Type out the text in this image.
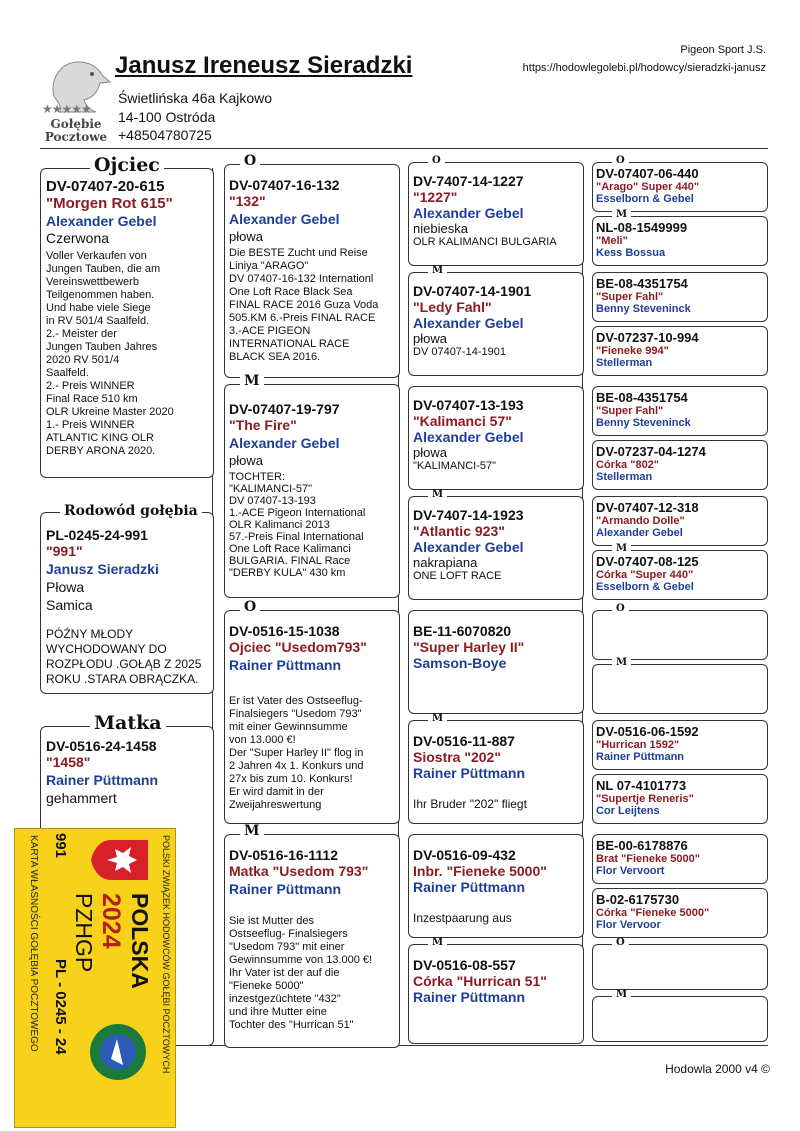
★★★★★
Gołębie
Pocztowe
Janusz Ireneusz Sieradzki
Świetlińska 46a Kajkowo
14-100 Ostróda
+48504780725
Pigeon Sport J.S.
https://hodowlegolebi.pl/hodowcy/sieradzki-janusz
DV-07407-20-615
"Morgen Rot 615"
Alexander Gebel
Czerwona
Voller Verkaufen von
Jungen Tauben, die am
Vereinswettbewerb
Teilgenommen haben.
Und habe viele Siege
in RV 501/4 Saalfeld.
2.- Meister der
Jungen Tauben Jahres
2020 RV 501/4
Saalfeld.
2.- Preis WINNER
Final Race 510 km
OLR Ukreine Master 2020
1.- Preis WINNER
ATLANTIC KING OLR
DERBY ARONA 2020.
Ojciec
PL-0245-24-991
"991"
Janusz Sieradzki
Płowa
Samica
PÓŹNY MŁODY
WYCHODOWANY DO
ROZPŁODU .GOŁĄB Z 2025
ROKU .STARA OBRĄCZKA.
Rodowód gołębia
DV-0516-24-1458
"1458"
Rainer Püttmann
gehammert
Matka
DV-07407-16-132
"132"
Alexander Gebel
płowa
Die BESTE Zucht und Reise
Liniya "ARAGO"
DV 07407-16-132 Internationl
One Loft Race Black Sea
FINAL RACE 2016 Guza Voda
505.KM 6.-Preis FINAL RACE
3.-ACE PIGEON
INTERNATIONAL RACE
BLACK SEA 2016.
O
DV-07407-19-797
"The Fire"
Alexander Gebel
płowa
TOCHTER:
"KALIMANCI-57"
DV 07407-13-193
1.-ACE Pigeon International
OLR Kalimanci 2013
57.-Preis Final International
One Loft Race Kalimanci
BULGARIA. FINAL Race
"DERBY KULA" 430 km
M
DV-0516-15-1038
Ojciec "Usedom793"
Rainer Püttmann
Er ist Vater des Ostseeflug-
Finalsiegers "Usedom 793"
mit einer Gewinnsumme
von 13.000 €!
Der "Super Harley II" flog in
2 Jahren 4x 1. Konkurs und
27x bis zum 10. Konkurs!
Er wird damit in der
Zweijahreswertung
O
DV-0516-16-1112
Matka "Usedom 793"
Rainer Püttmann
Sie ist Mutter des
Ostseeflug- Finalsiegers
"Usedom 793" mit einer
Gewinnsumme von 13.000 €!
Ihr Vater ist der auf die
"Fieneke 5000"
inzestgezüchtete "432"
und ihre Mutter eine
Tochter des "Hurrican 51"
M
DV-7407-14-1227
"1227"
Alexander Gebel
niebieska
OLR KALIMANCI BULGARIA
O
DV-07407-14-1901
"Ledy Fahl"
Alexander Gebel
płowa
DV 07407-14-1901
M
DV-07407-13-193
"Kalimanci 57"
Alexander Gebel
płowa
"KALIMANCI-57"
DV-7407-14-1923
"Atlantic 923"
Alexander Gebel
nakrapiana
ONE LOFT RACE
M
BE-11-6070820
"Super Harley II"
Samson-Boye
DV-0516-11-887
Siostra "202"
Rainer Püttmann
Ihr Bruder "202" fliegt
M
DV-0516-09-432
Inbr. "Fieneke 5000"
Rainer Püttmann
Inzestpaarung aus
DV-0516-08-557
Córka "Hurrican 51"
Rainer Püttmann
M
DV-07407-06-440
"Arago" Super 440"
Esselborn & Gebel
O
NL-08-1549999
"Meli"
Kess Bossua
M
BE-08-4351754
"Super Fahl"
Benny Steveninck
DV-07237-10-994
"Fieneke 994"
Stellerman
BE-08-4351754
"Super Fahl"
Benny Steveninck
DV-07237-04-1274
Córka "802"
Stellerman
DV-07407-12-318
"Armando Dolle"
Alexander Gebel
DV-07407-08-125
Córka "Super 440"
Esselborn & Gebel
M
O
M
DV-0516-06-1592
"Hurrican 1592"
Rainer Püttmann
NL 07-4101773
"Supertje Reneris"
Cor Leijtens
BE-00-6178876
Brat "Fieneke 5000"
Flor Vervoort
B-02-6175730
Córka "Fieneke 5000"
Flor Vervoor
O
M
Hodowla 2000 v4 ©
POLSKI ZWIĄZEK HODOWCÓW GOŁĘBI POCZTOWYCH
POLSKA
2024
PZHGP
991
PL - 0245 - 24
KARTA WŁASNOŚCI GOŁĘBIA POCZTOWEGO
